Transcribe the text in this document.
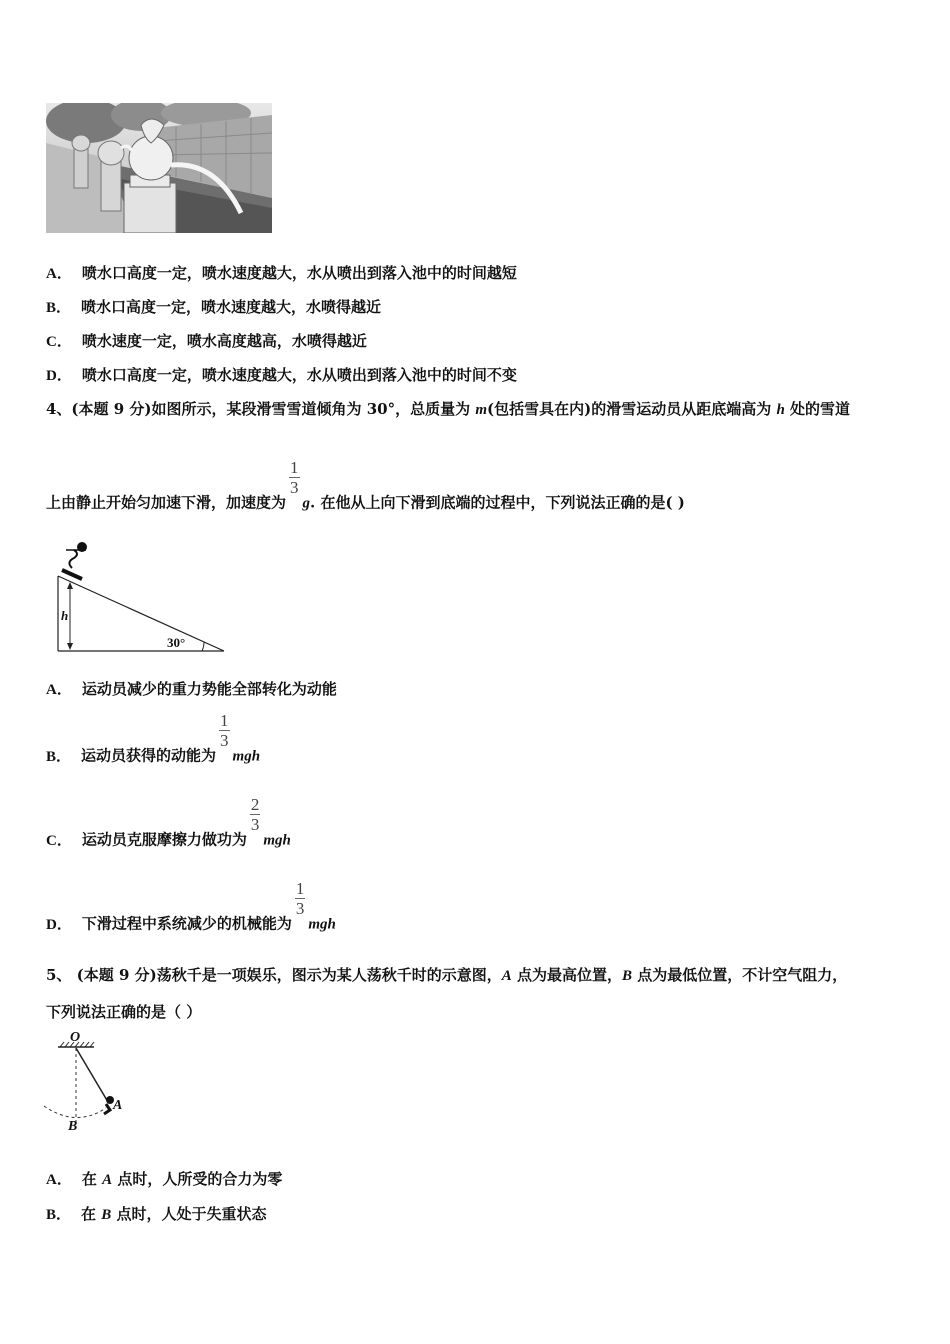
A． 喷水口高度一定，喷水速度越大，水从喷出到落入池中的时间越短
B． 喷水口高度一定，喷水速度越大，水喷得越近
C． 喷水速度一定，喷水高度越高，水喷得越近
D． 喷水口高度一定，喷水速度越大，水从喷出到落入池中的时间不变
4、(本题 9 分)如图所示，某段滑雪雪道倾角为 30°，总质量为 m(包括雪具在内)的滑雪运动员从距底端高为 h 处的雪道
上由静止开始匀加速下滑，加速度为
$\frac{1}{3}$
g. 在他从上向下滑到底端的过程中，下列说法正确的是( )
h
30°
A． 运动员减少的重力势能全部转化为动能
B． 运动员获得的动能为
$\frac{1}{3}$
mgh
C． 运动员克服摩擦力做功为
$\frac{2}{3}$
mgh
D． 下滑过程中系统减少的机械能为
$\frac{1}{3}$
mgh
5、 (本题 9 分)荡秋千是一项娱乐，图示为某人荡秋千时的示意图，A 点为最高位置，B 点为最低位置，不计空气阻力，
下列说法正确的是（ ）
O
A
B
A． 在 A 点时，人所受的合力为零
B． 在 B 点时，人处于失重状态
